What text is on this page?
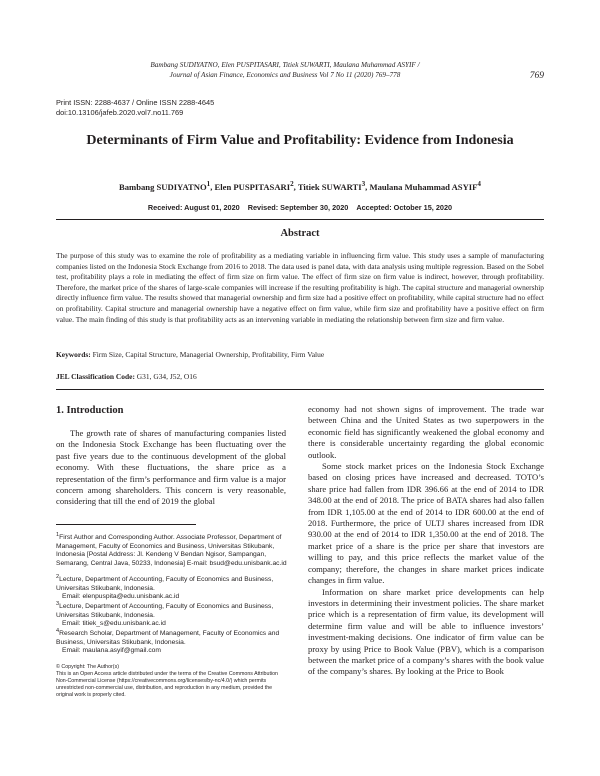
Bambang SUDIYATNO, Elen PUSPITASARI, Titiek SUWARTI, Maulana Muhammad ASYIF /
Journal of Asian Finance, Economics and Business Vol 7 No 11 (2020) 769–778	769
Print ISSN: 2288-4637 / Online ISSN 2288-4645
doi:10.13106/jafeb.2020.vol7.no11.769
Determinants of Firm Value and Profitability: Evidence from Indonesia
Bambang SUDIYATNO$^1$, Elen PUSPITASARI$^2$, Titiek SUWARTI$^3$, Maulana Muhammad ASYIF$^4$
Received: August 01, 2020 Revised: September 30, 2020 Accepted: October 15, 2020
Abstract

The purpose of this study was to examine the role of profitability as a mediating variable in influencing firm value. This study uses a sample of manufacturing companies listed on the Indonesia Stock Exchange from 2016 to 2018. The data used is panel data, with data analysis using multiple regression. Based on the Sobel test, profitability plays a role in mediating the effect of firm size on firm value. The effect of firm size on firm value is indirect, however, through profitability. Therefore, the market price of the shares of large-scale companies will increase if the resulting profitability is high. The capital structure and managerial ownership directly influence firm value. The results showed that managerial ownership and firm size had a positive effect on profitability, while capital structure had no effect on profitability. Capital structure and managerial ownership have a negative effect on firm value, while firm size and profitability have a positive effect on firm value. The main finding of this study is that profitability acts as an intervening variable in mediating the relationship between firm size and firm value.

Keywords: Firm Size, Capital Structure, Managerial Ownership, Profitability, Firm Value
JEL Classification Code: G31, G34, J52, O16
1. Introduction

The growth rate of shares of manufacturing companies listed on the Indonesia Stock Exchange has been fluctuating over the past five years due to the continuous development of the global economy. With these fluctuations, the share price as a representation of the firm’s performance and firm value is a major concern among shareholders. This concern is very reasonable, considering that till the end of 2019 the global

$^1$First Author and Corresponding Author. Associate Professor, Department of Management, Faculty of Economics and Business, Universitas Stikubank, Indonesia [Postal Address: Jl. Kendeng V Bendan Ngisor, Sampangan, Semarang, Central Java, 50233, Indonesia] E-mail: bsud@edu.unisbank.ac.id
$^2$Lecture, Department of Accounting, Faculty of Economics and Business, Universitas Stikubank, Indonesia.
Email: elenpuspita@edu.unisbank.ac.id
$^3$Lecture, Department of Accounting, Faculty of Economics and Business, Universitas Stikubank, Indonesia.
Email: titiek_s@edu.unisbank.ac.id
$^4$Research Scholar, Department of Management, Faculty of Economics and Business, Universitas Stikubank, Indonesia.
Email: maulana.asyif@gmail.com
© Copyright: The Author(s)
This is an Open Access article distributed under the terms of the Creative Commons Attribution Non-Commercial License (https://creativecommons.org/licenses/by-nc/4.0/) which permits unrestricted non-commercial use, distribution, and reproduction in any medium, provided the original work is properly cited.

economy had not shown signs of improvement. The trade war between China and the United States as two superpowers in the economic field has significantly weakened the global economy and there is considerable uncertainty regarding the global economic outlook.

Some stock market prices on the Indonesia Stock Exchange based on closing prices have increased and decreased. TOTO’s share price had fallen from IDR 396.66 at the end of 2014 to IDR 348.00 at the end of 2018. The price of BATA shares had also fallen from IDR 1,105.00 at the end of 2014 to IDR 600.00 at the end of 2018. Furthermore, the price of ULTJ shares increased from IDR 930.00 at the end of 2014 to IDR 1,350.00 at the end of 2018. The market price of a share is the price per share that investors are willing to pay, and this price reflects the market value of the company; therefore, the changes in share market prices indicate changes in firm value.

Information on share market price developments can help investors in determining their investment policies. The share market price which is a representation of firm value, its development will determine firm value and will be able to influence investors’ investment-making decisions. One indicator of firm value can be proxy by using Price to Book Value (PBV), which is a comparison between the market price of a company’s shares with the book value of the company’s shares. By looking at the Price to Book
